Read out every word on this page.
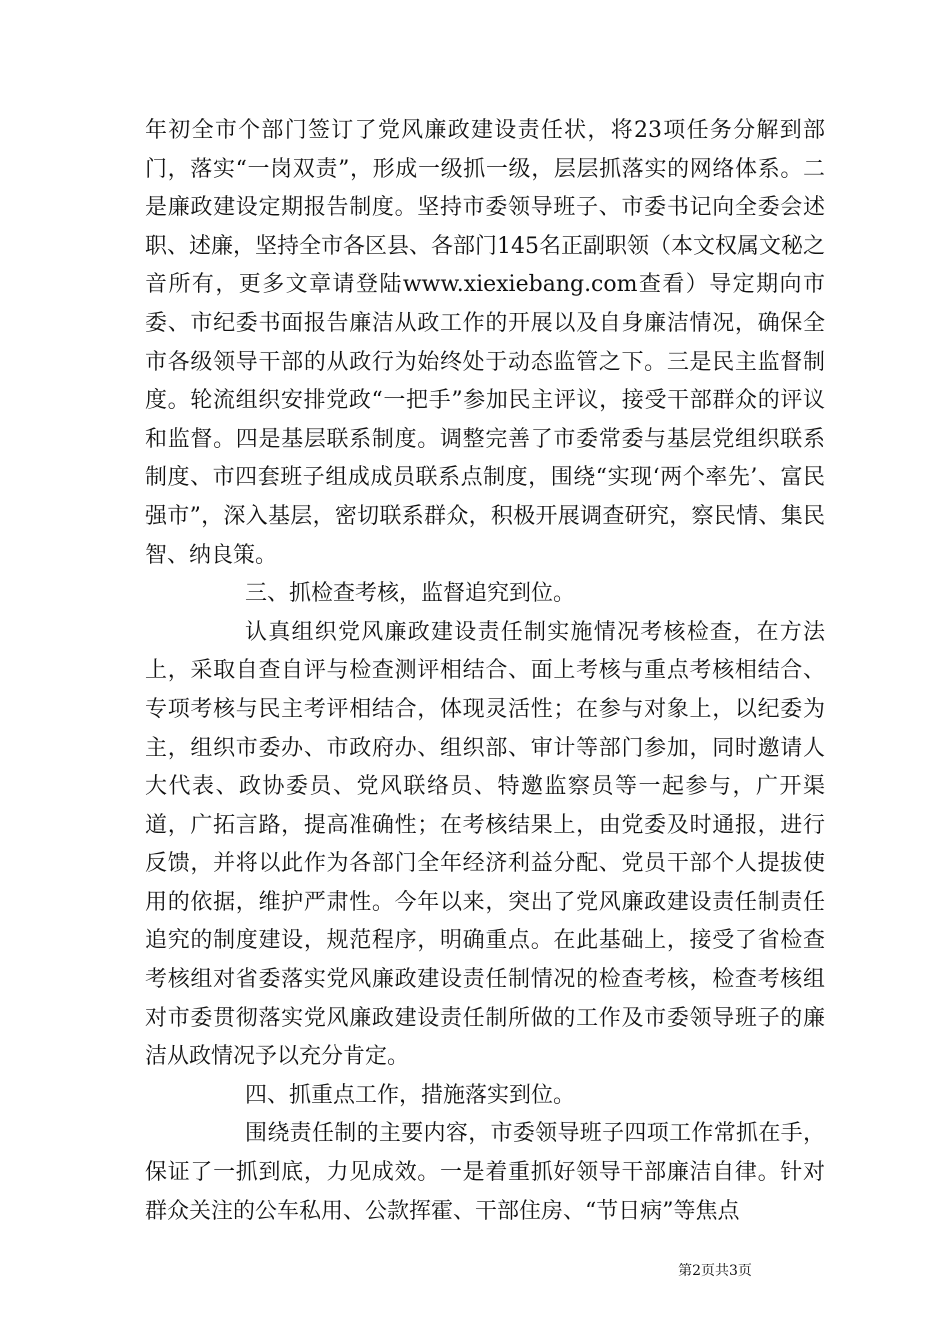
年初全市个部门签订了党风廉政建设责任状，将23项任务分解到部门，落实“一岗双责”，形成一级抓一级，层层抓落实的网络体系。二是廉政建设定期报告制度。坚持市委领导班子、市委书记向全委会述职、述廉，坚持全市各区县、各部门145名正副职领（本文权属文秘之音所有，更多文章请登陆www.xiexiebang.com查看）导定期向市委、市纪委书面报告廉洁从政工作的开展以及自身廉洁情况，确保全市各级领导干部的从政行为始终处于动态监管之下。三是民主监督制度。轮流组织安排党政“一把手”参加民主评议，接受干部群众的评议和监督。四是基层联系制度。调整完善了市委常委与基层党组织联系制度、市四套班子组成成员联系点制度，围绕“实现‘两个率先’、富民强市”，深入基层，密切联系群众，积极开展调查研究，察民情、集民智、纳良策。

三、抓检查考核，监督追究到位。

认真组织党风廉政建设责任制实施情况考核检查，在方法上，采取自查自评与检查测评相结合、面上考核与重点考核相结合、专项考核与民主考评相结合，体现灵活性；在参与对象上，以纪委为主，组织市委办、市政府办、组织部、审计等部门参加，同时邀请人大代表、政协委员、党风联络员、特邀监察员等一起参与，广开渠道，广拓言路，提高准确性；在考核结果上，由党委及时通报，进行反馈，并将以此作为各部门全年经济利益分配、党员干部个人提拔使用的依据，维护严肃性。今年以来，突出了党风廉政建设责任制责任追究的制度建设，规范程序，明确重点。在此基础上，接受了省检查考核组对省委落实党风廉政建设责任制情况的检查考核，检查考核组对市委贯彻落实党风廉政建设责任制所做的工作及市委领导班子的廉洁从政情况予以充分肯定。

四、抓重点工作，措施落实到位。

围绕责任制的主要内容，市委领导班子四项工作常抓在手，保证了一抓到底，力见成效。一是着重抓好领导干部廉洁自律。针对群众关注的公车私用、公款挥霍、干部住房、“节日病”等焦点

第2页共3页
